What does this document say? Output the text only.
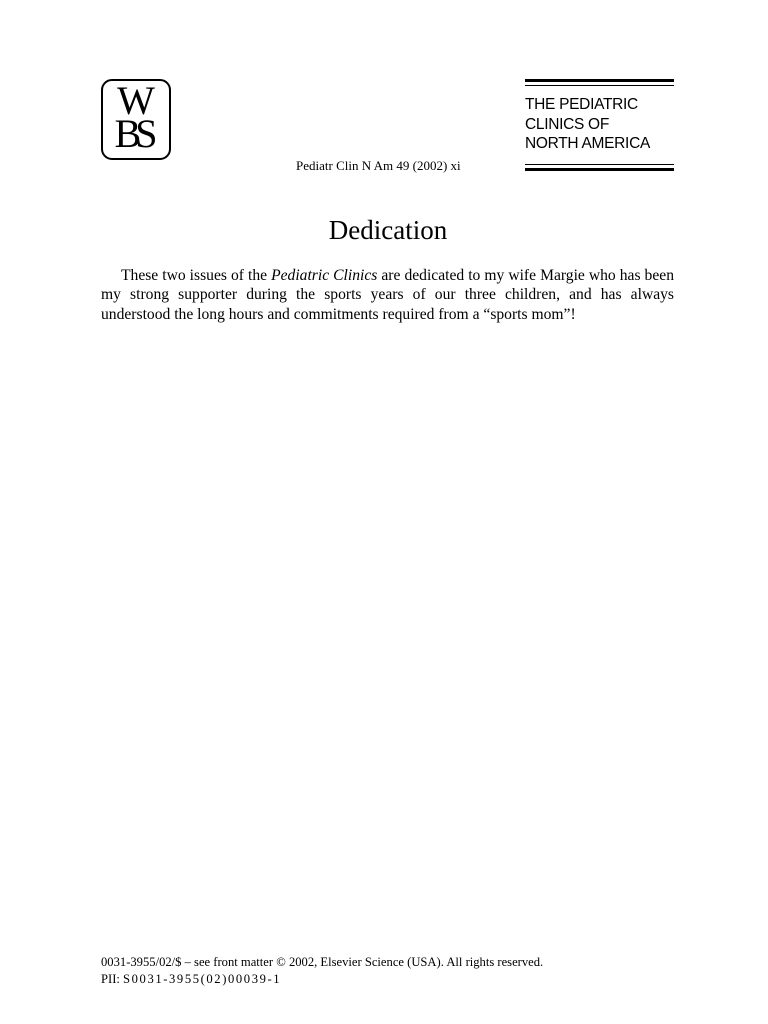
W
BS
THE PEDIATRIC
CLINICS OF
NORTH AMERICA
Pediatr Clin N Am 49 (2002) xi
Dedication

These two issues of the Pediatric Clinics are dedicated to my wife Margie who has been my strong supporter during the sports years of our three children, and has always understood the long hours and commitments required from a “sports mom”!

0031-3955/02/$ – see front matter © 2002, Elsevier Science (USA). All rights reserved.
PII: S0031-3955(02)00039-1
